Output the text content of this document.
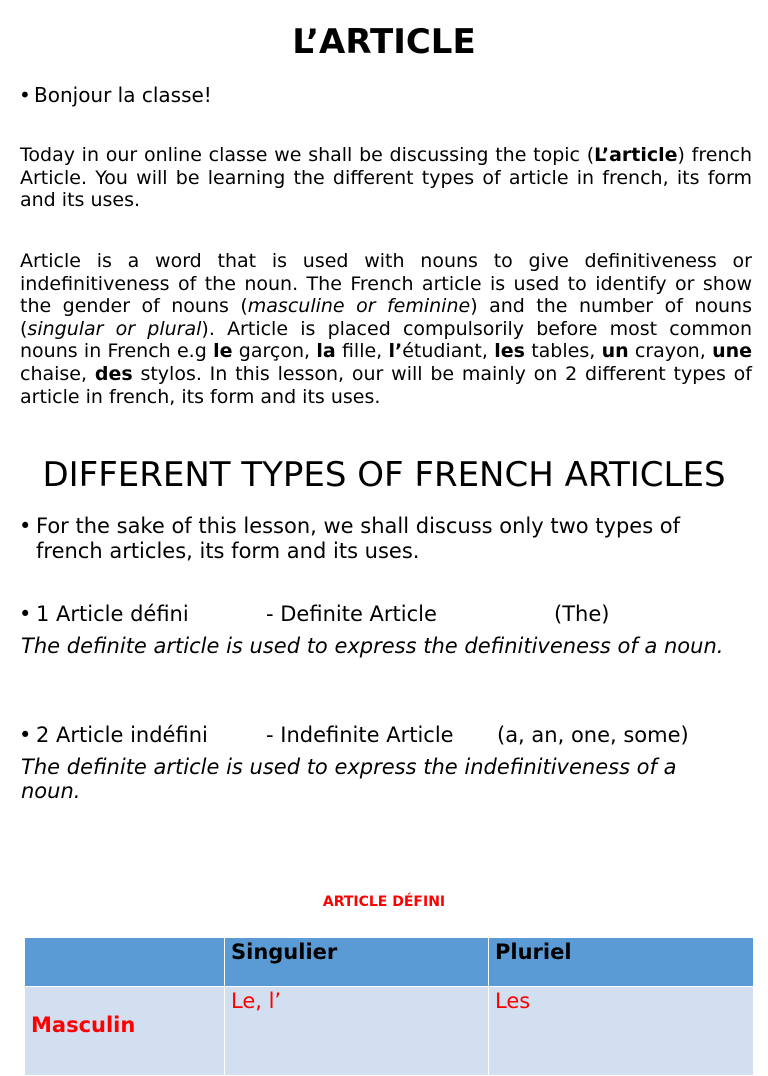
L’ARTICLE
• Bonjour la classe!
Today in our online classe we shall be discussing the topic (L’article) french Article. You will be learning the different types of article in french, its form and its uses.
Article is a word that is used with nouns to give definitiveness or indefinitiveness of the noun. The French article is used to identify or show the gender of nouns (masculine or feminine) and the number of nouns (singular or plural). Article is placed compulsorily before most common nouns in French e.g le garçon, la fille, l’étudiant, les tables, un crayon, une chaise, des stylos. In this lesson, our will be mainly on 2 different types of article in french, its form and its uses.
DIFFERENT TYPES OF FRENCH ARTICLES
• For the sake of this lesson, we shall discuss only two types of french articles, its form and its uses.
• 1 Article défini	- Definite Article	(The)
The definite article is used to express the definitiveness of a noun.
• 2 Article indéfini	- Indefinite Article (a, an, one, some)
The definite article is used to express the indefinitiveness of a noun.
ARTICLE DÉFINI
	Singulier	Pluriel
Masculin	Le, l’	Les
